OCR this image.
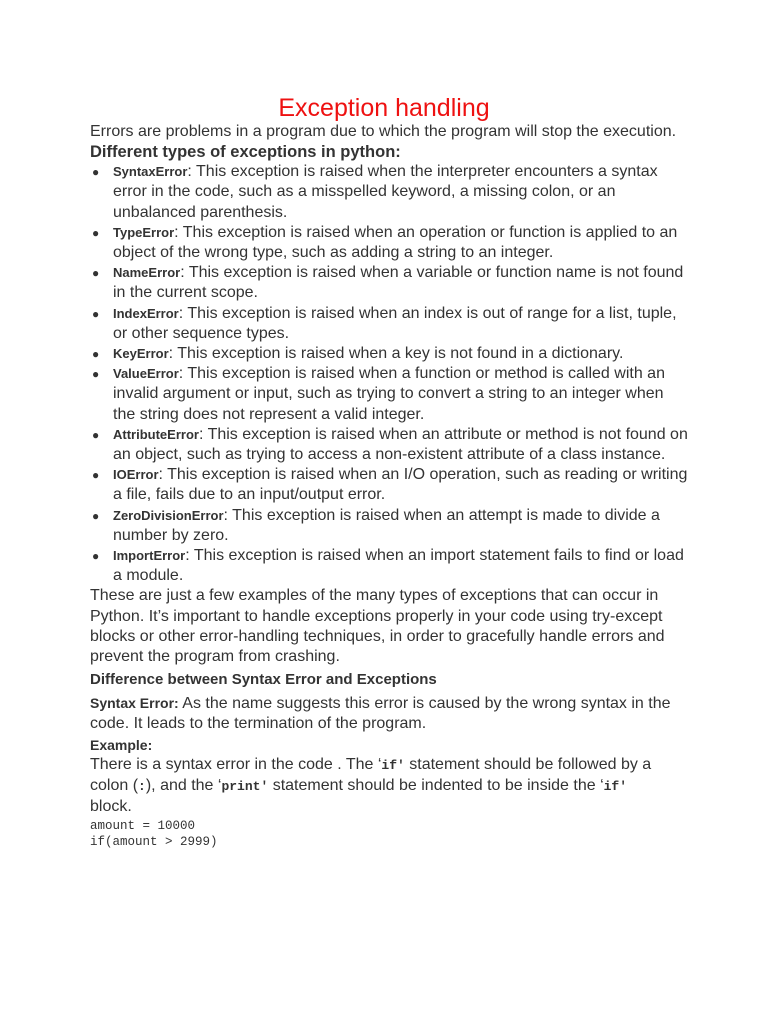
Exception handling

Errors are problems in a program due to which the program will stop the execution.

Different types of exceptions in python:
● SyntaxError: This exception is raised when the interpreter encounters a syntax error in the code, such as a misspelled keyword, a missing colon, or an unbalanced parenthesis.
● TypeError: This exception is raised when an operation or function is applied to an object of the wrong type, such as adding a string to an integer.
● NameError: This exception is raised when a variable or function name is not found in the current scope.
● IndexError: This exception is raised when an index is out of range for a list, tuple, or other sequence types.
● KeyError: This exception is raised when a key is not found in a dictionary.
● ValueError: This exception is raised when a function or method is called with an invalid argument or input, such as trying to convert a string to an integer when the string does not represent a valid integer.
● AttributeError: This exception is raised when an attribute or method is not found on an object, such as trying to access a non-existent attribute of a class instance.
● IOError: This exception is raised when an I/O operation, such as reading or writing a file, fails due to an input/output error.
● ZeroDivisionError: This exception is raised when an attempt is made to divide a number by zero.
● ImportError: This exception is raised when an import statement fails to find or load a module.

These are just a few examples of the many types of exceptions that can occur in Python. It’s important to handle exceptions properly in your code using try-except blocks or other error-handling techniques, in order to gracefully handle errors and prevent the program from crashing.

Difference between Syntax Error and Exceptions

Syntax Error: As the name suggests this error is caused by the wrong syntax in the code. It leads to the termination of the program.

Example:

There is a syntax error in the code . The ‘if' statement should be followed by a colon (:), and the ‘print' statement should be indented to be inside the ‘if'
block.

amount = 10000
if(amount > 2999)
